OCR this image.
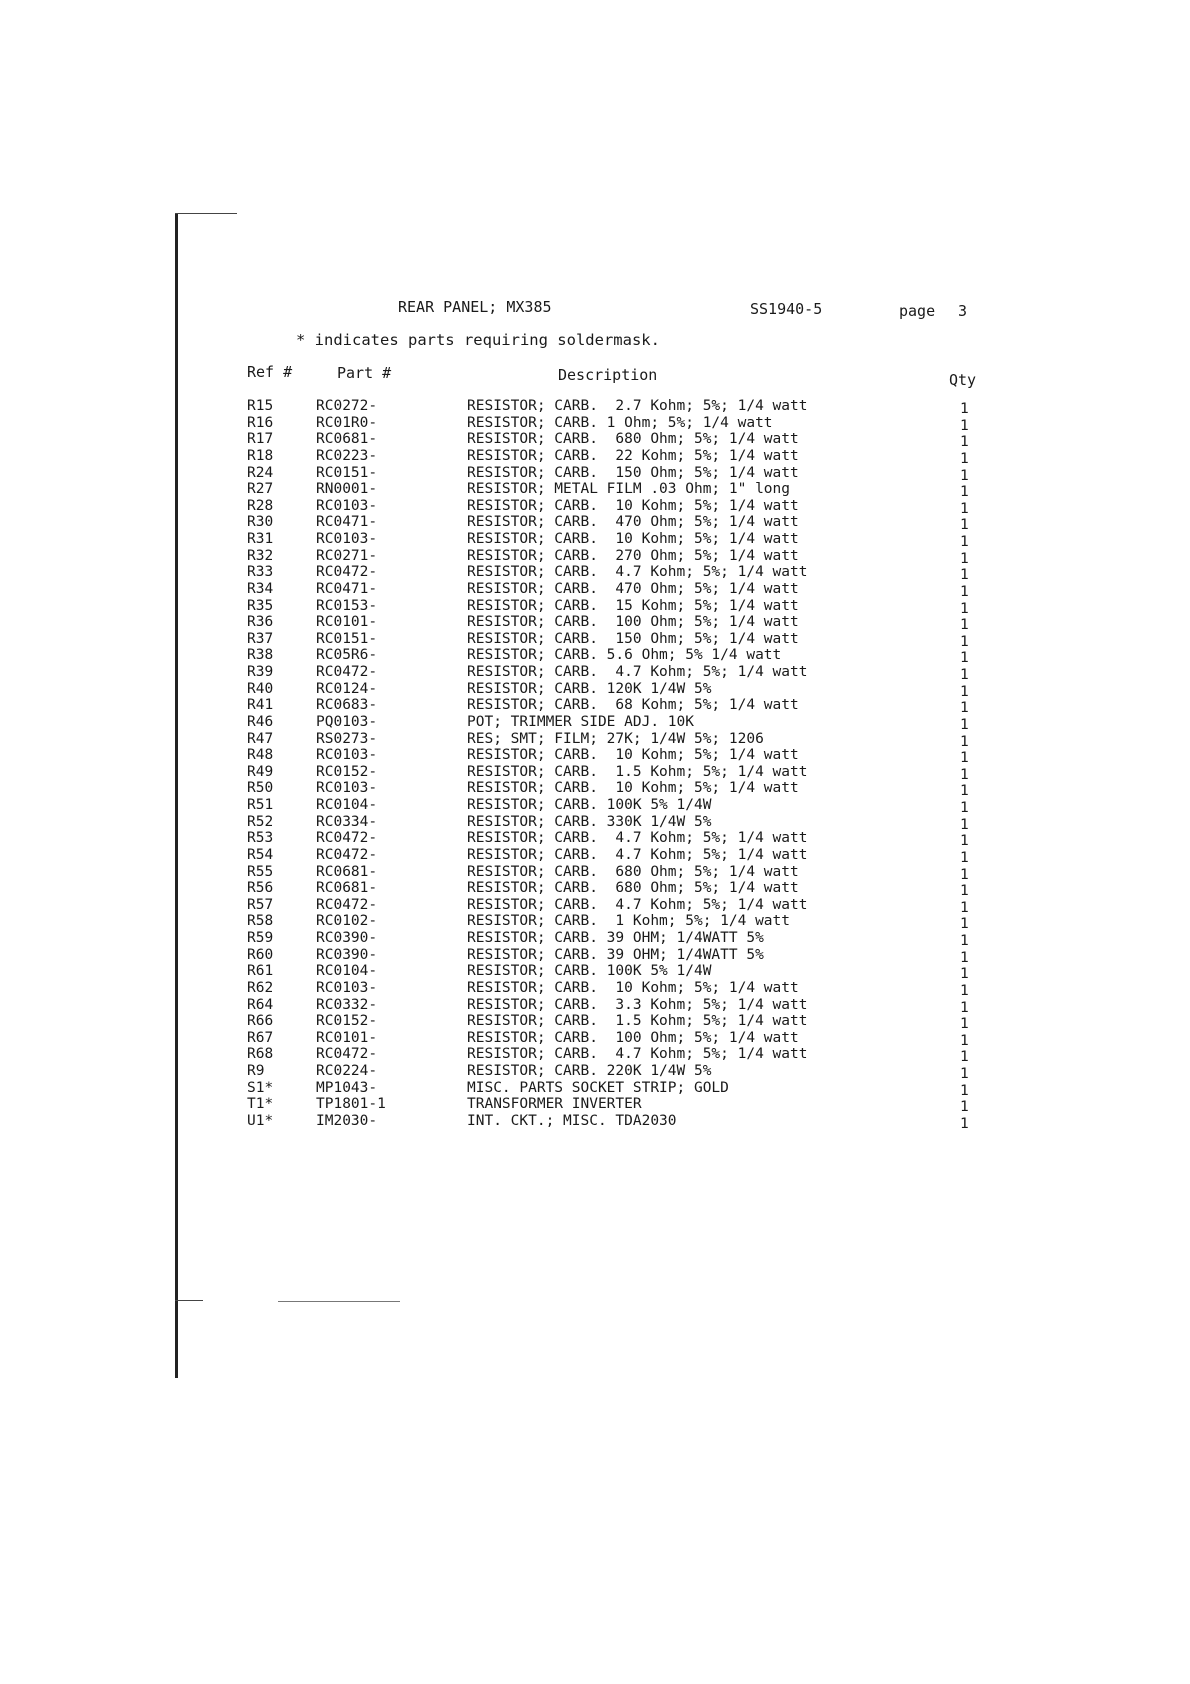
REAR PANEL; MX385	SS1940-5	page 3
* indicates parts requiring soldermask.
Ref #	Part #	Description	Qty
R15	RC0272-	RESISTOR; CARB.  2.7 Kohm; 5%; 1/4 watt	1
R16	RC01R0-	RESISTOR; CARB. 1 Ohm; 5%; 1/4 watt	1
R17	RC0681-	RESISTOR; CARB.  680 Ohm; 5%; 1/4 watt	1
R18	RC0223-	RESISTOR; CARB.  22 Kohm; 5%; 1/4 watt	1
R24	RC0151-	RESISTOR; CARB.  150 Ohm; 5%; 1/4 watt	1
R27	RN0001-	RESISTOR; METAL FILM .03 Ohm; 1" long	1
R28	RC0103-	RESISTOR; CARB.  10 Kohm; 5%; 1/4 watt	1
R30	RC0471-	RESISTOR; CARB.  470 Ohm; 5%; 1/4 watt	1
R31	RC0103-	RESISTOR; CARB.  10 Kohm; 5%; 1/4 watt	1
R32	RC0271-	RESISTOR; CARB.  270 Ohm; 5%; 1/4 watt	1
R33	RC0472-	RESISTOR; CARB.  4.7 Kohm; 5%; 1/4 watt	1
R34	RC0471-	RESISTOR; CARB.  470 Ohm; 5%; 1/4 watt	1
R35	RC0153-	RESISTOR; CARB.  15 Kohm; 5%; 1/4 watt	1
R36	RC0101-	RESISTOR; CARB.  100 Ohm; 5%; 1/4 watt	1
R37	RC0151-	RESISTOR; CARB.  150 Ohm; 5%; 1/4 watt	1
R38	RC05R6-	RESISTOR; CARB. 5.6 Ohm; 5% 1/4 watt	1
R39	RC0472-	RESISTOR; CARB.  4.7 Kohm; 5%; 1/4 watt	1
R40	RC0124-	RESISTOR; CARB. 120K 1/4W 5%	1
R41	RC0683-	RESISTOR; CARB.  68 Kohm; 5%; 1/4 watt	1
R46	PQ0103-	POT; TRIMMER SIDE ADJ. 10K	1
R47	RS0273-	RES; SMT; FILM; 27K; 1/4W 5%; 1206	1
R48	RC0103-	RESISTOR; CARB.  10 Kohm; 5%; 1/4 watt	1
R49	RC0152-	RESISTOR; CARB.  1.5 Kohm; 5%; 1/4 watt	1
R50	RC0103-	RESISTOR; CARB.  10 Kohm; 5%; 1/4 watt	1
R51	RC0104-	RESISTOR; CARB. 100K 5% 1/4W	1
R52	RC0334-	RESISTOR; CARB. 330K 1/4W 5%	1
R53	RC0472-	RESISTOR; CARB.  4.7 Kohm; 5%; 1/4 watt	1
R54	RC0472-	RESISTOR; CARB.  4.7 Kohm; 5%; 1/4 watt	1
R55	RC0681-	RESISTOR; CARB.  680 Ohm; 5%; 1/4 watt	1
R56	RC0681-	RESISTOR; CARB.  680 Ohm; 5%; 1/4 watt	1
R57	RC0472-	RESISTOR; CARB.  4.7 Kohm; 5%; 1/4 watt	1
R58	RC0102-	RESISTOR; CARB.  1 Kohm; 5%; 1/4 watt	1
R59	RC0390-	RESISTOR; CARB. 39 OHM; 1/4WATT 5%	1
R60	RC0390-	RESISTOR; CARB. 39 OHM; 1/4WATT 5%	1
R61	RC0104-	RESISTOR; CARB. 100K 5% 1/4W	1
R62	RC0103-	RESISTOR; CARB.  10 Kohm; 5%; 1/4 watt	1
R64	RC0332-	RESISTOR; CARB.  3.3 Kohm; 5%; 1/4 watt	1
R66	RC0152-	RESISTOR; CARB.  1.5 Kohm; 5%; 1/4 watt	1
R67	RC0101-	RESISTOR; CARB.  100 Ohm; 5%; 1/4 watt	1
R68	RC0472-	RESISTOR; CARB.  4.7 Kohm; 5%; 1/4 watt	1
R9	RC0224-	RESISTOR; CARB. 220K 1/4W 5%	1
S1*	MP1043-	MISC. PARTS SOCKET STRIP; GOLD	1
T1*	TP1801-1	TRANSFORMER INVERTER	1
U1*	IM2030-	INT. CKT.; MISC. TDA2030	1
